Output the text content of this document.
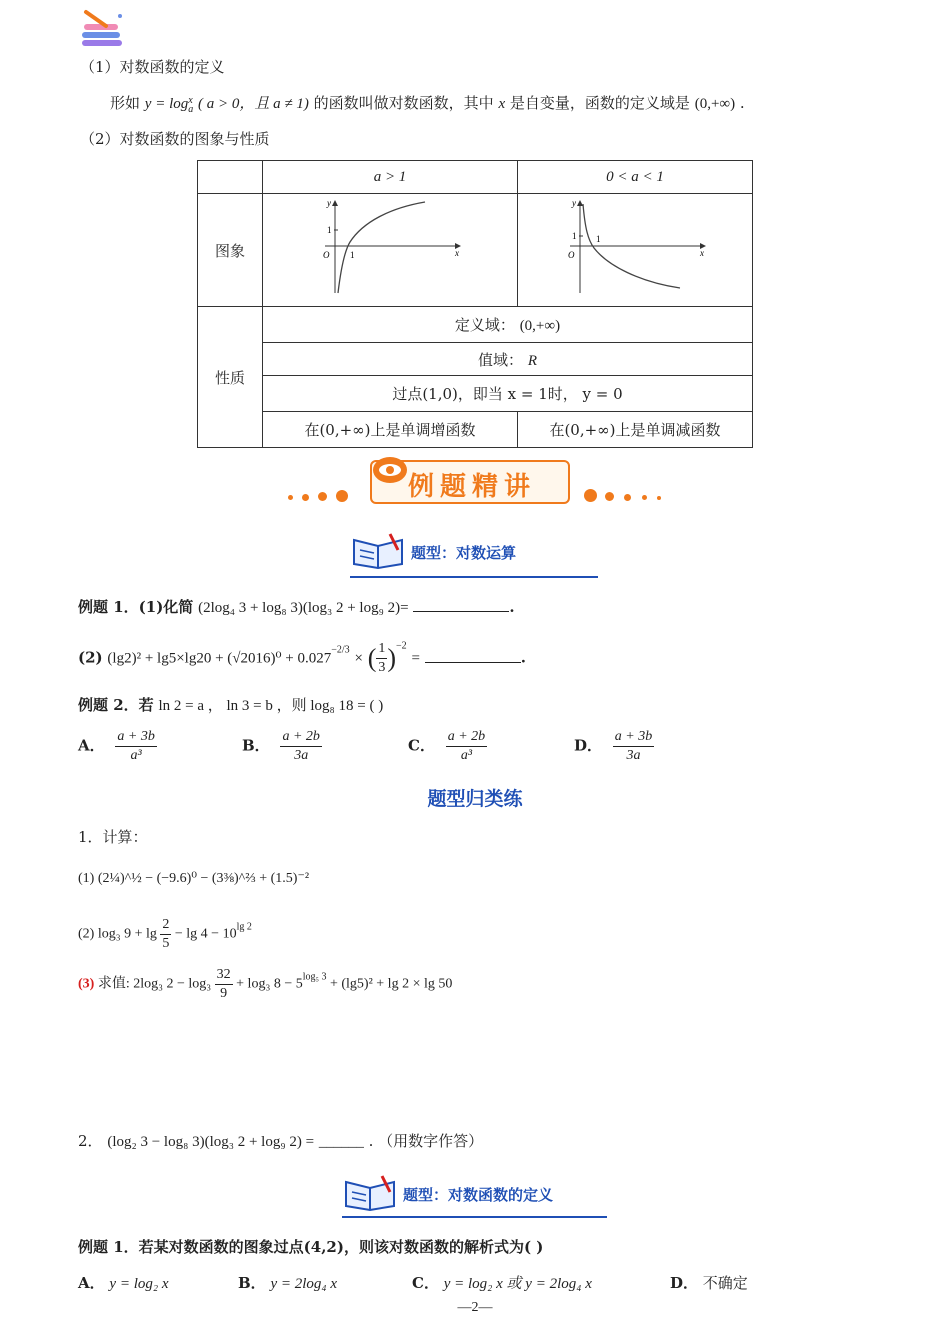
（1）对数函数的定义
形如 y = logx
a ( a > 0，且 a ≠ 1) 的函数叫做对数函数，其中 x 是自变量，函数的定义域是 (0,+∞) .
（2）对数函数的图象与性质
	a > 1	0 < a < 1
图象	y
x
O
1
1	y
x
O
1 1

性质	定义域： (0,+∞)	
	值域： R	
	过点(1,0)，即当 x = 1时， y = 0	
	在(0,+∞)上是单调增函数	在(0,+∞)上是单调减函数
例题精讲
题型：对数运算
例题 1．(1)化简 (2log₄ 3 + log₈ 3)(log₃ 2 + log₉ 2)=	.
(2) $(\lg 2)^2 + \lg 5\times\lg 20 + (√2016)^0 + 0.027^{-2/3}$ × ( $\frac{1}{3} )^{-2}$ =	.
例题 2．若 ln 2 = a ， ln 3 = b ，则 log₈ 18 = ( )
A． $\frac{a + 3b}{\text{a³}}$	B． $\frac{a + 2b}{3a}$	C． $\frac{a + 2b}{\text{a³}}$	D． $\frac{a + 3b}{3a}$
题型归类练
1．计算：
(1) (2¼)^½ − (−9.6)⁰ − (3⅜)^⅔ + (1.5)⁻²
(2) log₃ $9 + \lg \frac{2}{5} - \lg 4 - 10^{lg 2}$
(3) 求值: 2log₃ $2 - \log_3 \frac{32}{9} + \log_3$ $8 - 5^{log_5 3} + (\lg 5)^2 + \lg 2 \times \lg 50$
2． (log₂ 3 − log₈ 3)(log₃ 2 + log₉ 2) = ______ . （用数字作答）
题型：对数函数的定义
例题 1．若某对数函数的图象过点(4,2)，则该对数函数的解析式为( )
A． y = log₂ x	B． y = 2log₄ x	C． y = log₂ x 或 y = 2log₄ x	D． 不确定
—2—
